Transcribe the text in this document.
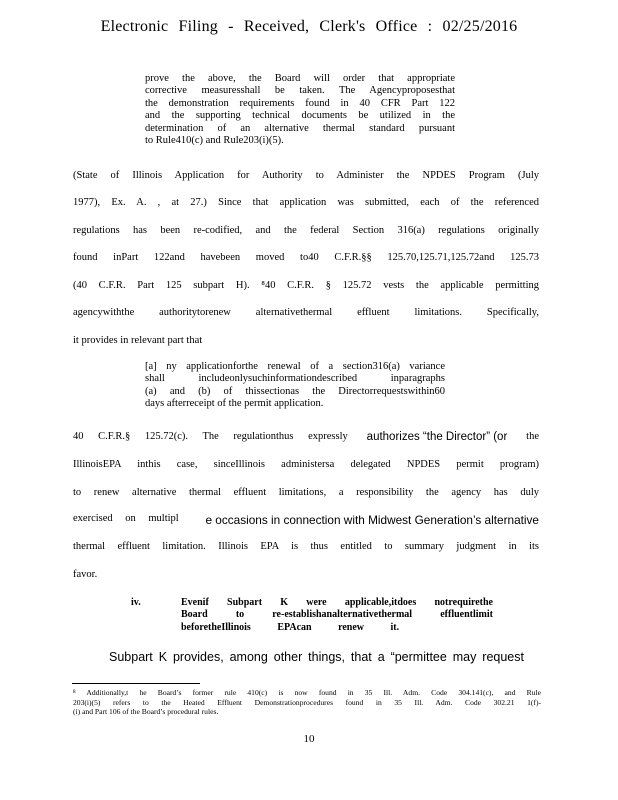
Electronic Filing - Received, Clerk's Office : 02/25/2016
prove the above, the Board will order that appropriate
corrective measuresshall be taken. The Agencyproposesthat
the demonstration requirements found in 40 CFR Part 122
and the supporting technical documents be utilized in the
determination of an alternative thermal standard pursuant
to Rule410(c) and Rule203(i)(5).
(State of Illinois Application for Authority to Administer the NPDES Program (July
1977), Ex. A. , at 27.) Since that application was submitted, each of the referenced
regulations has been re-codified, and the federal Section 316(a) regulations originally
found inPart 122and havebeen moved to40 C.F.R.§§ 125.70,125.71,125.72and 125.73
(40 C.F.R. Part 125 subpart H). ⁸40 C.F.R. § 125.72 vests the applicable permitting
agencywiththe authoritytorenew alternativethermal effluent limitations. Specifically,
it provides in relevant part that
[a] ny applicationforthe renewal of a section316(a) variance
shall includeonlysuchinformationdescribed inparagraphs
(a) and (b) of thissectionas the Directorrequestswithin60
days afterreceipt of the permit application.
40 C.F.R.§ 125.72(c). The regulationthus expressly authorizes “the Director” (or the
IllinoisEPA inthis case, sinceIllinois administersa delegated NPDES permit program)
to renew alternative thermal effluent limitations, a responsibility the agency has duly
exercised on multipl e occasions in connection with Midwest Generation’s alternative
thermal effluent limitation. Illinois EPA is thus entitled to summary judgment in its
favor.
iv.	Evenif Subpart K were applicable,itdoes notrequirethe
Board to re-establishanalternativethermal effluentlimit
beforetheIllinois EPAcan renew it.
Subpart K provides, among other things, that a “permittee may request
⁸ Additionally,t he Board’s former rule 410(c) is now found in 35 Ill. Adm. Code 304.141(c), and Rule
203(i)(5) refers to the Heated Effluent Demonstrationprocedures found in 35 Ill. Adm. Code 302.21 1(f)-
(i) and Part 106 of the Board’s procedural rules.
10
